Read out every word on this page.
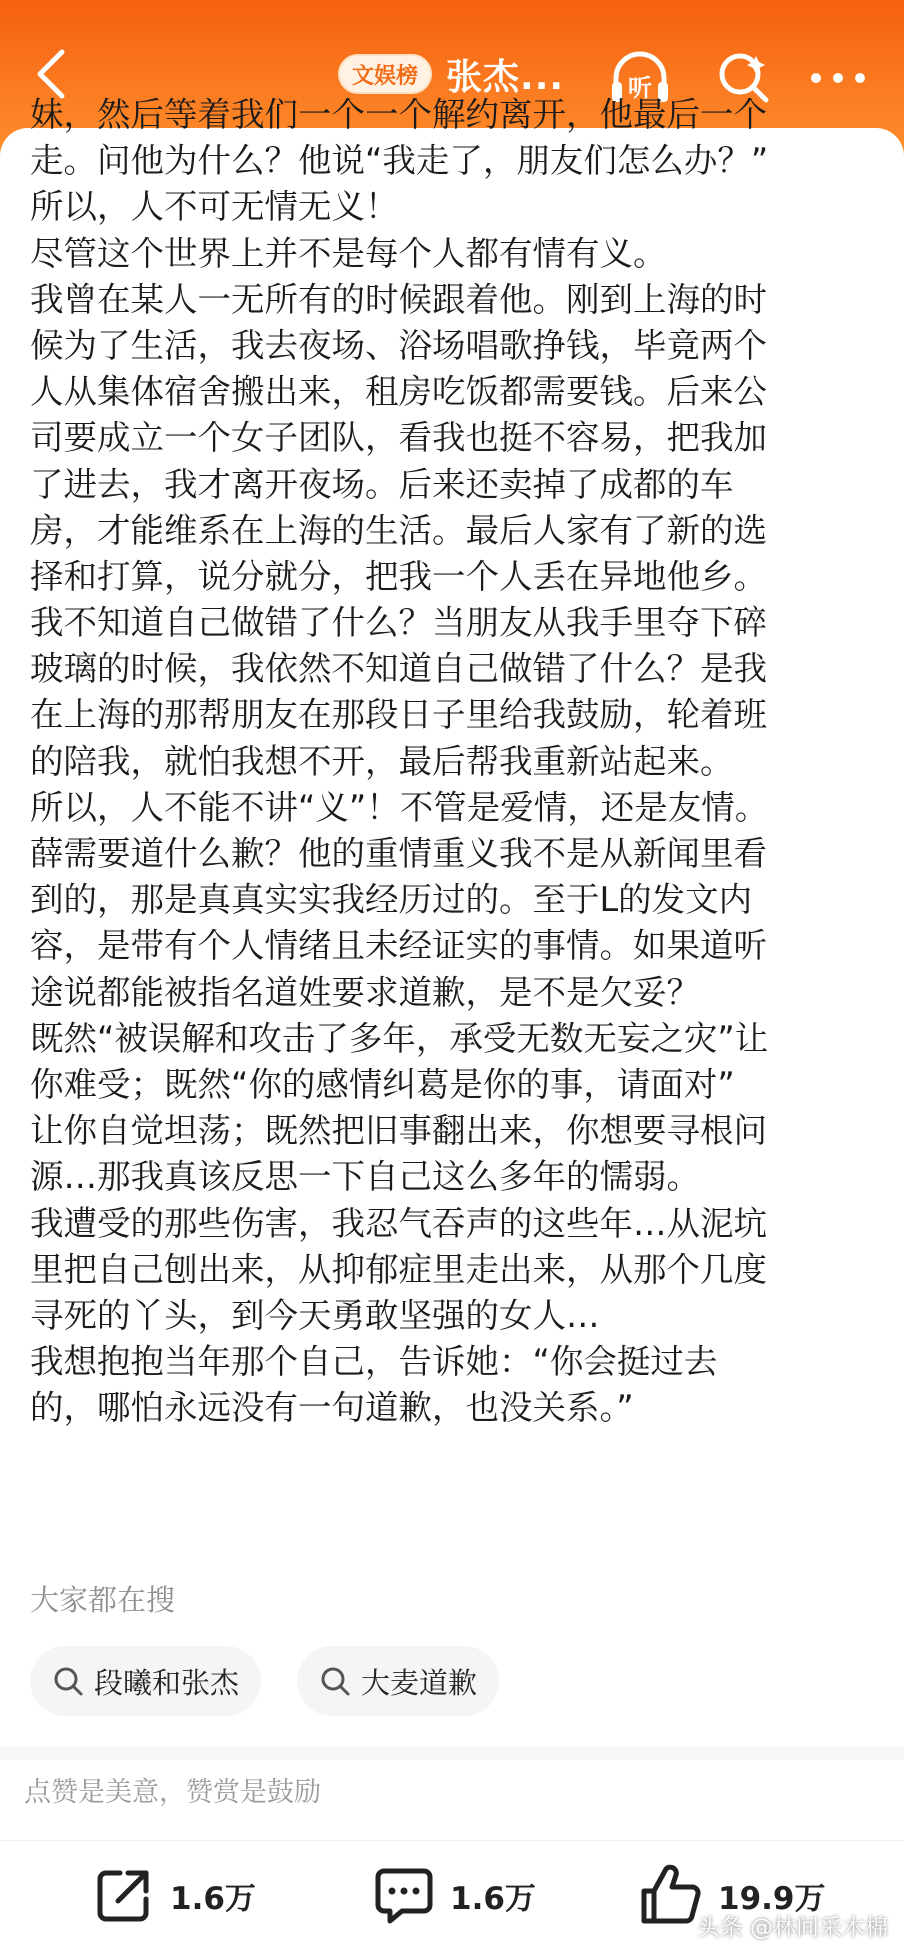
文娱榜 张杰...	听
妹，然后等着我们一个一个解约离开，他最后一个
走。问他为什么？他说“我走了，朋友们怎么办？”
所以，人不可无情无义！
尽管这个世界上并不是每个人都有情有义。
我曾在某人一无所有的时候跟着他。刚到上海的时
候为了生活，我去夜场、浴场唱歌挣钱，毕竟两个
人从集体宿舍搬出来，租房吃饭都需要钱。后来公
司要成立一个女子团队，看我也挺不容易，把我加
了进去，我才离开夜场。后来还卖掉了成都的车
房，才能维系在上海的生活。最后人家有了新的选
择和打算，说分就分，把我一个人丢在异地他乡。
我不知道自己做错了什么？当朋友从我手里夺下碎
玻璃的时候，我依然不知道自己做错了什么？是我
在上海的那帮朋友在那段日子里给我鼓励，轮着班
的陪我，就怕我想不开，最后帮我重新站起来。
所以，人不能不讲“义”！不管是爱情，还是友情。
薛需要道什么歉？他的重情重义我不是从新闻里看
到的，那是真真实实我经历过的。至于L的发文内
容，是带有个人情绪且未经证实的事情。如果道听
途说都能被指名道姓要求道歉，是不是欠妥？
既然“被误解和攻击了多年，承受无数无妄之灾”让
你难受；既然“你的感情纠葛是你的事，请面对”
让你自觉坦荡；既然把旧事翻出来，你想要寻根问
源…那我真该反思一下自己这么多年的懦弱。
我遭受的那些伤害，我忍气吞声的这些年…从泥坑
里把自己刨出来，从抑郁症里走出来，从那个几度
寻死的丫头，到今天勇敢坚强的女人…
我想抱抱当年那个自己，告诉她：“你会挺过去
的，哪怕永远没有一句道歉，也没关系。”
大家都在搜
段曦和张杰	大麦道歉
点赞是美意，赞赏是鼓励
1.6万	1.6万	19.9万
头条 @林间采木棉
